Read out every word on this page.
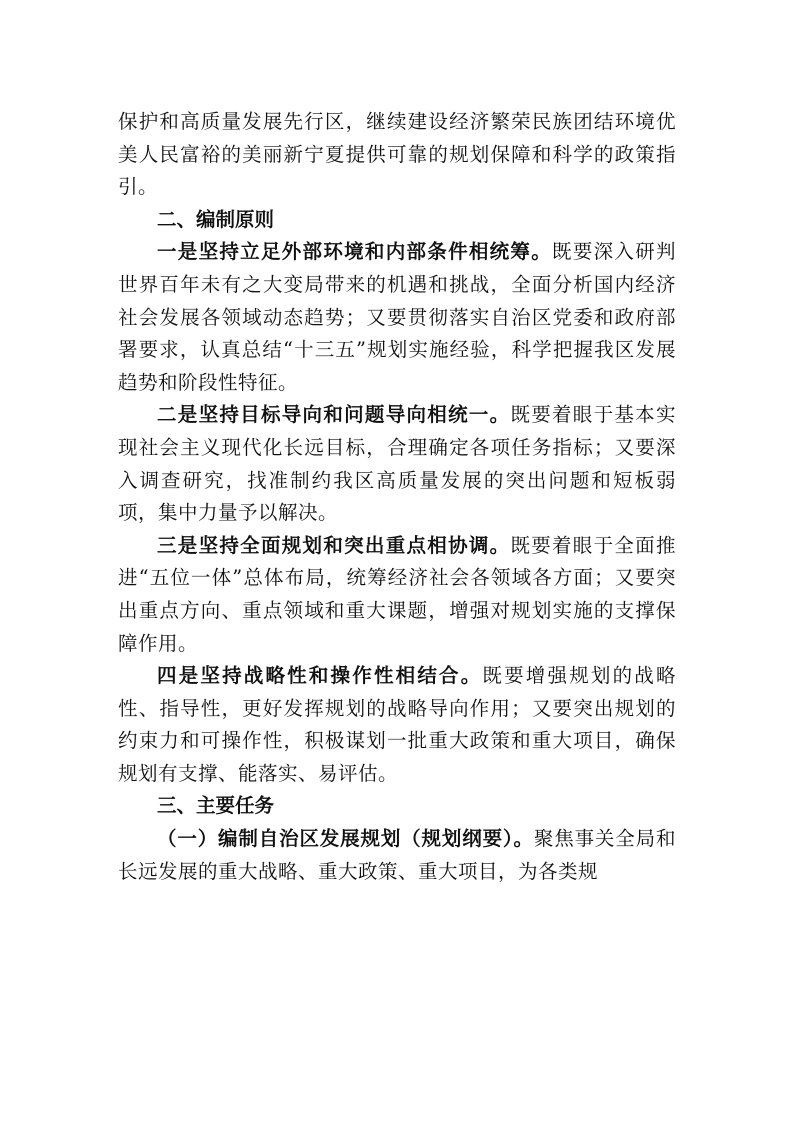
保护和高质量发展先行区，继续建设经济繁荣民族团结环境优美人民富裕的美丽新宁夏提供可靠的规划保障和科学的政策指引。

二、编制原则

一是坚持立足外部环境和内部条件相统筹。既要深入研判世界百年未有之大变局带来的机遇和挑战，全面分析国内经济社会发展各领域动态趋势；又要贯彻落实自治区党委和政府部署要求，认真总结“十三五”规划实施经验，科学把握我区发展趋势和阶段性特征。

二是坚持目标导向和问题导向相统一。既要着眼于基本实现社会主义现代化长远目标，合理确定各项任务指标；又要深入调查研究，找准制约我区高质量发展的突出问题和短板弱项，集中力量予以解决。

三是坚持全面规划和突出重点相协调。既要着眼于全面推进“五位一体”总体布局，统筹经济社会各领域各方面；又要突出重点方向、重点领域和重大课题，增强对规划实施的支撑保障作用。

四是坚持战略性和操作性相结合。既要增强规划的战略性、指导性，更好发挥规划的战略导向作用；又要突出规划的约束力和可操作性，积极谋划一批重大政策和重大项目，确保规划有支撑、能落实、易评估。

三、主要任务

（一）编制自治区发展规划（规划纲要）。聚焦事关全局和长远发展的重大战略、重大政策、重大项目，为各类规
